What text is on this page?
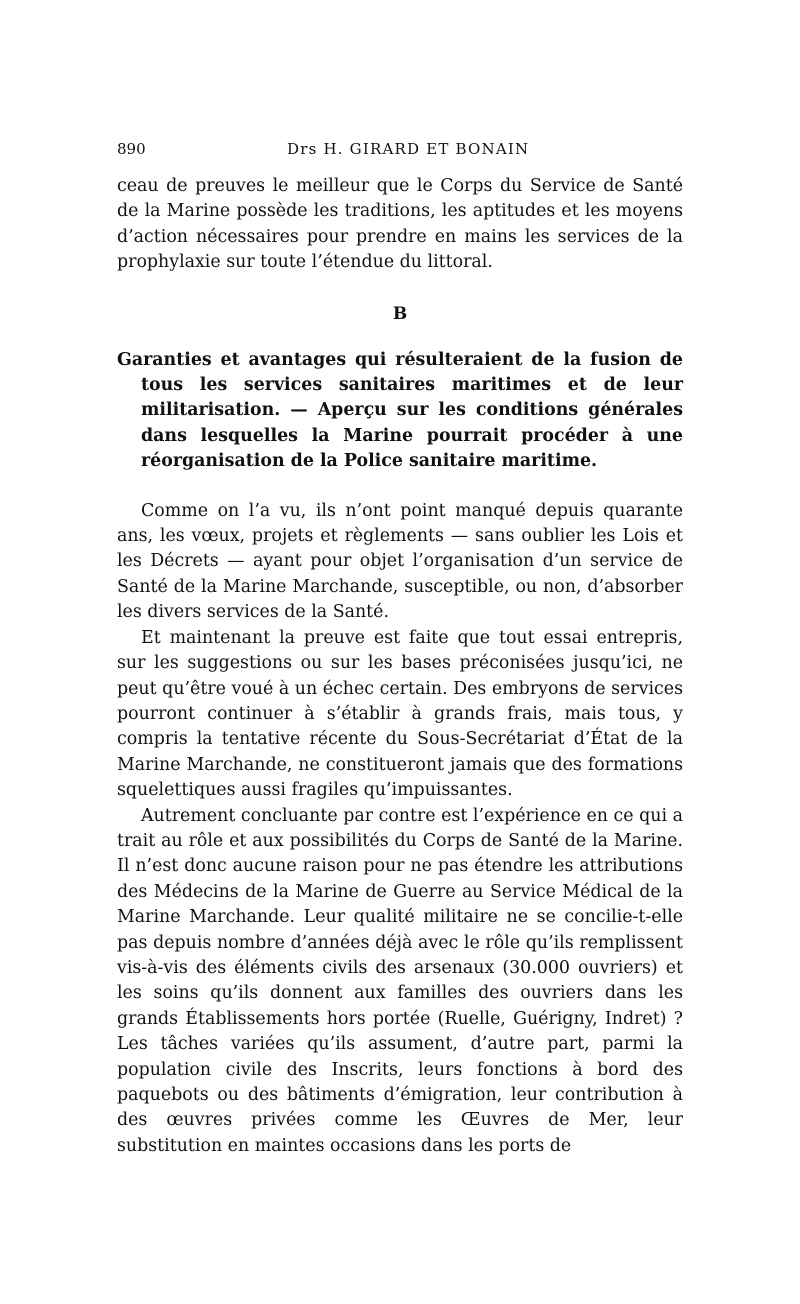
890	Drs H. GIRARD ET BONAIN

ceau de preuves le meilleur que le Corps du Service de Santé de la Marine possède les traditions, les aptitudes et les moyens d’action nécessaires pour prendre en mains les services de la prophylaxie sur toute l’étendue du littoral.

B

Garanties et avantages qui résulteraient de la fusion de tous les services sanitaires maritimes et de leur militarisation. — Aperçu sur les conditions générales dans lesquelles la Marine pourrait procéder à une réorganisation de la Police sanitaire maritime.

Comme on l’a vu, ils n’ont point manqué depuis quarante ans, les vœux, projets et règlements — sans oublier les Lois et les Décrets — ayant pour objet l’organisation d’un service de Santé de la Marine Marchande, susceptible, ou non, d’absorber les divers services de la Santé.

Et maintenant la preuve est faite que tout essai entrepris, sur les suggestions ou sur les bases préconisées jusqu’ici, ne peut qu’être voué à un échec certain. Des embryons de services pourront continuer à s’établir à grands frais, mais tous, y compris la tentative récente du Sous-Secrétariat d’État de la Marine Marchande, ne constitueront jamais que des formations squelettiques aussi fragiles qu’impuissantes.

Autrement concluante par contre est l’expérience en ce qui a trait au rôle et aux possibilités du Corps de Santé de la Marine. Il n’est donc aucune raison pour ne pas étendre les attributions des Médecins de la Marine de Guerre au Service Médical de la Marine Marchande. Leur qualité militaire ne se concilie-t-elle pas depuis nombre d’années déjà avec le rôle qu’ils remplissent vis-à-vis des éléments civils des arsenaux (30.000 ouvriers) et les soins qu’ils donnent aux familles des ouvriers dans les grands Établissements hors portée (Ruelle, Guérigny, Indret) ? Les tâches variées qu’ils assument, d’autre part, parmi la population civile des Inscrits, leurs fonctions à bord des paquebots ou des bâtiments d’émigration, leur contribution à des œuvres privées comme les Œuvres de Mer, leur substitution en maintes occasions dans les ports de
